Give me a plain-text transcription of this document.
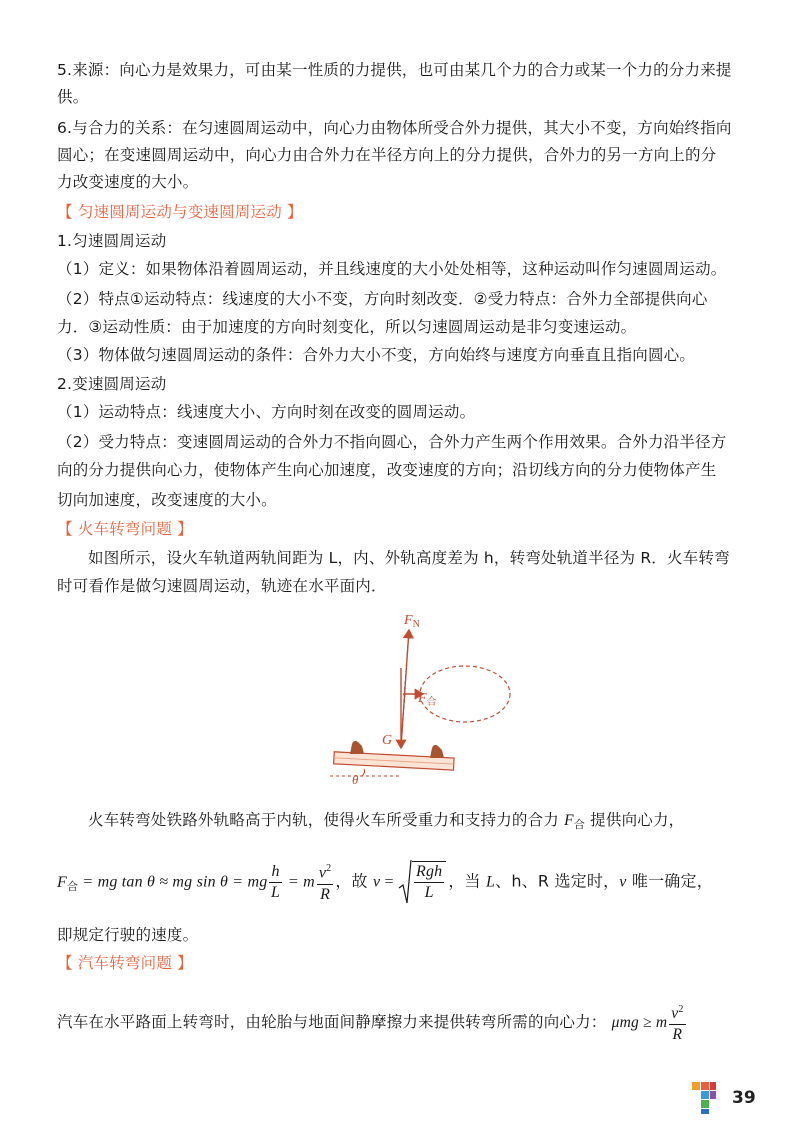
5.来源：向心力是效果力，可由某一性质的力提供，也可由某几个力的合力或某一个力的分力来提
供。
6.与合力的关系：在匀速圆周运动中，向心力由物体所受合外力提供，其大小不变，方向始终指向
圆心；在变速圆周运动中，向心力由合外力在半径方向上的分力提供，合外力的另一方向上的分
力改变速度的大小。
【 匀速圆周运动与变速圆周运动 】
1.匀速圆周运动
（1）定义：如果物体沿着圆周运动，并且线速度的大小处处相等，这种运动叫作匀速圆周运动。
（2）特点①运动特点：线速度的大小不变，方向时刻改变．②受力特点：合外力全部提供向心
力．③运动性质：由于加速度的方向时刻变化，所以匀速圆周运动是非匀变速运动。
（3）物体做匀速圆周运动的条件：合外力大小不变，方向始终与速度方向垂直且指向圆心。
2.变速圆周运动
（1）运动特点：线速度大小、方向时刻在改变的圆周运动。
（2）受力特点：变速圆周运动的合外力不指向圆心，合外力产生两个作用效果。合外力沿半径方
向的分力提供向心力，使物体产生向心加速度，改变速度的方向；沿切线方向的分力使物体产生
切向加速度，改变速度的大小。
【 火车转弯问题 】
如图所示，设火车轨道两轨间距为 L，内、外轨高度差为 h，转弯处轨道半径为 R．火车转弯
时可看作是做匀速圆周运动，轨迹在水平面内．
$F_N$
$F_合$
G
θ
火车转弯处铁路外轨略高于内轨，使得火车所受重力和支持力的合力 $F_合$ 提供向心力，
$F_合$ = mg tan θ ≈ mg sin θ = mg $\frac{h}{L} = m \frac{v^2}{R}$ ，故 $v = \frac{\text{Rgh}}{L}$ ，当 L、h、R 选定时，v 唯一确定，
即规定行驶的速度。
【 汽车转弯问题 】
汽车在水平路面上转弯时，由轮胎与地面间静摩擦力来提供转弯所需的向心力： μmg ≥ m $\frac{v^2}{R}$
39
